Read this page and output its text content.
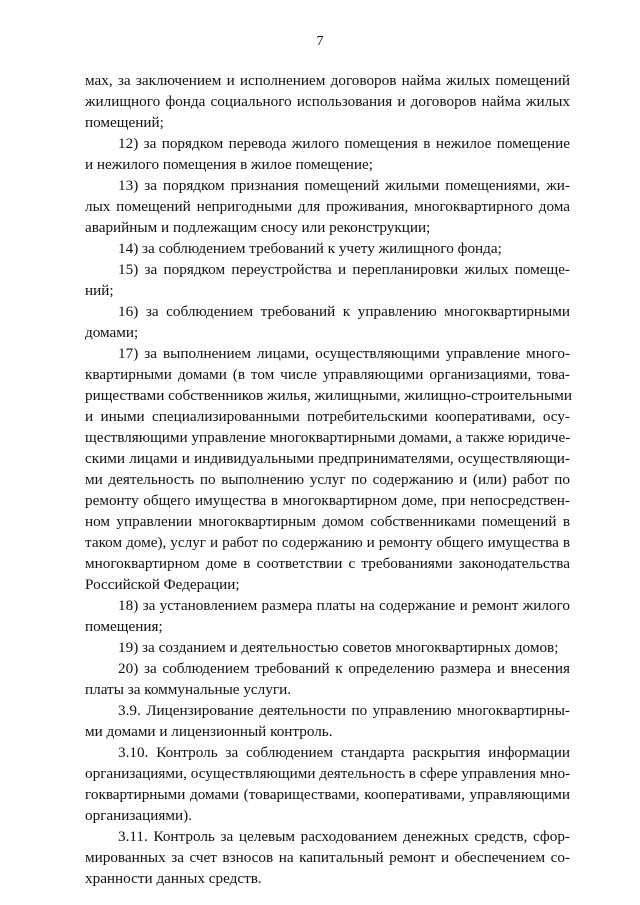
7
мах, за заключением и исполнением договоров найма жилых помещений
жилищного фонда социального использования и договоров найма жилых
помещений;
12) за порядком перевода жилого помещения в нежилое помещение
и нежилого помещения в жилое помещение;
13) за порядком признания помещений жилыми помещениями, жи-
лых помещений непригодными для проживания, многоквартирного дома
аварийным и подлежащим сносу или реконструкции;
14) за соблюдением требований к учету жилищного фонда;
15) за порядком переустройства и перепланировки жилых помеще-
ний;
16) за соблюдением требований к управлению многоквартирными
домами;
17) за выполнением лицами, осуществляющими управление много-
квартирными домами (в том числе управляющими организациями, това-
риществами собственников жилья, жилищными, жилищно-строительными
и иными специализированными потребительскими кооперативами, осу-
ществляющими управление многоквартирными домами, а также юридиче-
скими лицами и индивидуальными предпринимателями, осуществляющи-
ми деятельность по выполнению услуг по содержанию и (или) работ по
ремонту общего имущества в многоквартирном доме, при непосредствен-
ном управлении многоквартирным домом собственниками помещений в
таком доме), услуг и работ по содержанию и ремонту общего имущества в
многоквартирном доме в соответствии с требованиями законодательства
Российской Федерации;
18) за установлением размера платы на содержание и ремонт жилого
помещения;
19) за созданием и деятельностью советов многоквартирных домов;
20) за соблюдением требований к определению размера и внесения
платы за коммунальные услуги.
3.9. Лицензирование деятельности по управлению многоквартирны-
ми домами и лицензионный контроль.
3.10. Контроль за соблюдением стандарта раскрытия информации
организациями, осуществляющими деятельность в сфере управления мно-
гоквартирными домами (товариществами, кооперативами, управляющими
организациями).
3.11. Контроль за целевым расходованием денежных средств, сфор-
мированных за счет взносов на капитальный ремонт и обеспечением со-
хранности данных средств.
